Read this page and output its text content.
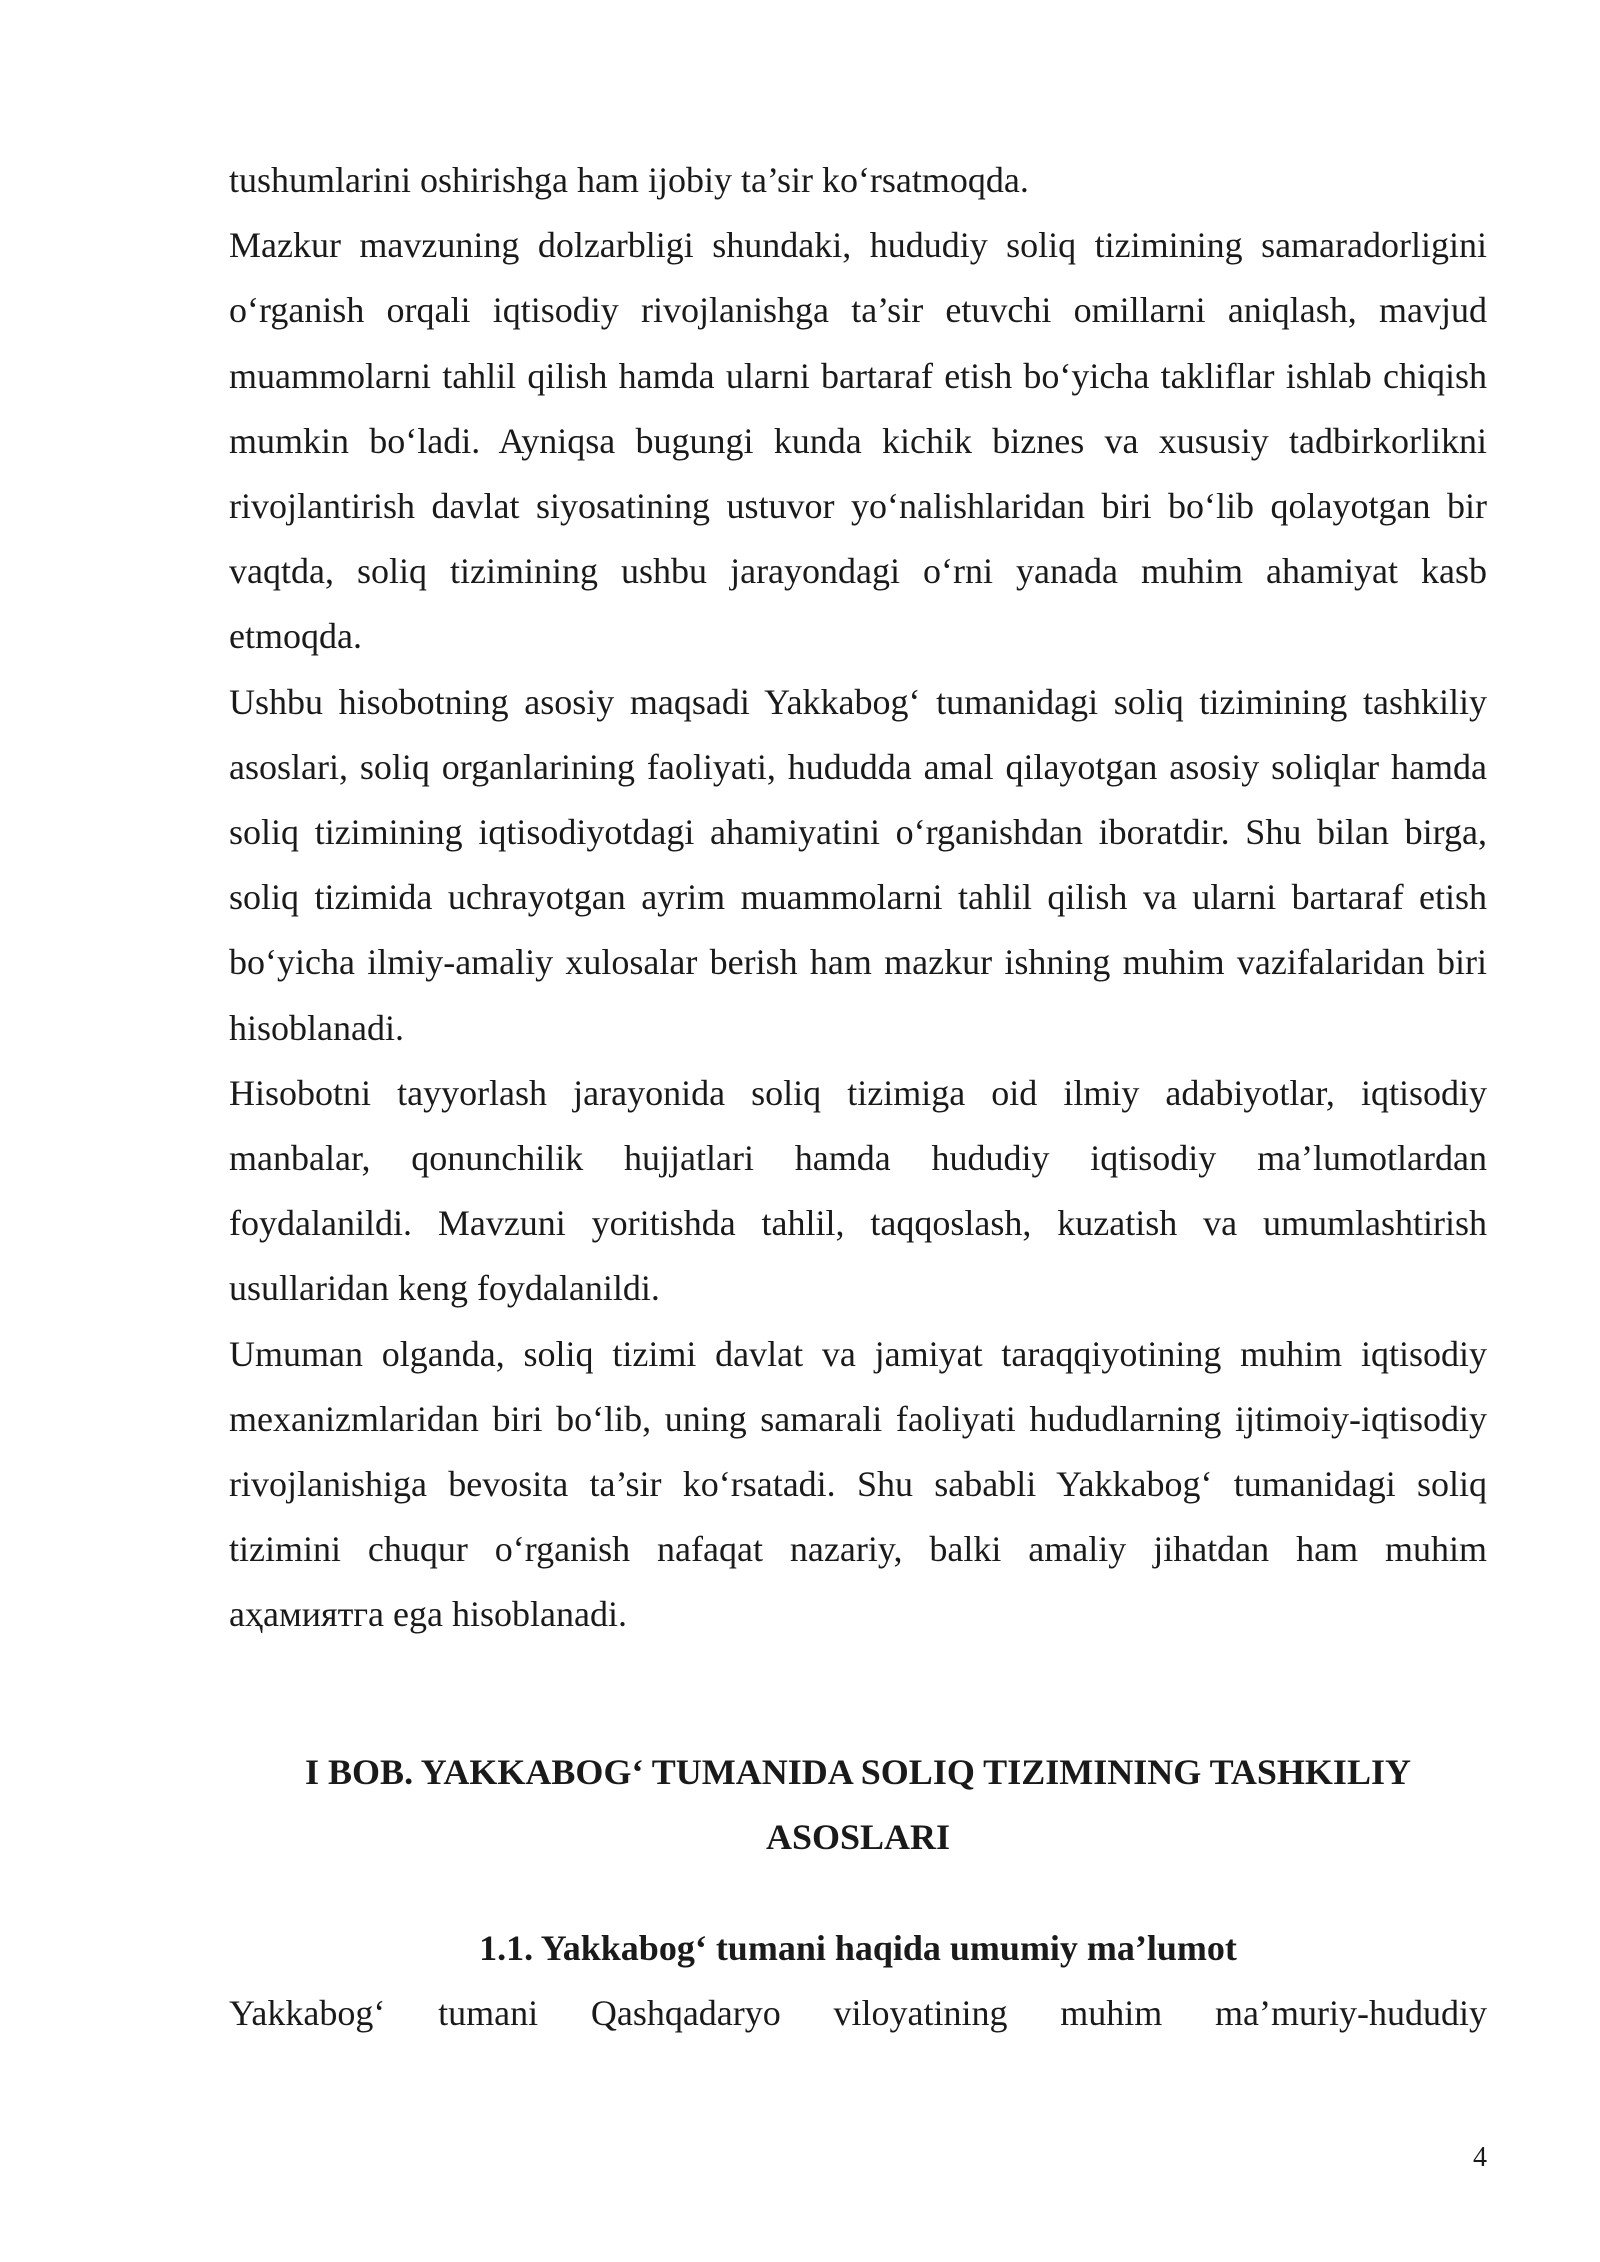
tushumlarini oshirishga ham ijobiy ta’sir ko‘rsatmoqda.

Mazkur mavzuning dolzarbligi shundaki, hududiy soliq tizimining samaradorligini o‘rganish orqali iqtisodiy rivojlanishga ta’sir etuvchi omillarni aniqlash, mavjud muammolarni tahlil qilish hamda ularni bartaraf etish bo‘yicha takliflar ishlab chiqish mumkin bo‘ladi. Ayniqsa bugungi kunda kichik biznes va xususiy tadbirkorlikni rivojlantirish davlat siyosatining ustuvor yo‘nalishlaridan biri bo‘lib qolayotgan bir vaqtda, soliq tizimining ushbu jarayondagi o‘rni yanada muhim ahamiyat kasb etmoqda.

Ushbu hisobotning asosiy maqsadi Yakkabog‘ tumanidagi soliq tizimining tashkiliy asoslari, soliq organlarining faoliyati, hududda amal qilayotgan asosiy soliqlar hamda soliq tizimining iqtisodiyotdagi ahamiyatini o‘rganishdan iboratdir. Shu bilan birga, soliq tizimida uchrayotgan ayrim muammolarni tahlil qilish va ularni bartaraf etish bo‘yicha ilmiy-amaliy xulosalar berish ham mazkur ishning muhim vazifalaridan biri hisoblanadi.

Hisobotni tayyorlash jarayonida soliq tizimiga oid ilmiy adabiyotlar, iqtisodiy manbalar, qonunchilik hujjatlari hamda hududiy iqtisodiy ma’lumotlardan foydalanildi. Mavzuni yoritishda tahlil, taqqoslash, kuzatish va umumlashtirish usullaridan keng foydalanildi.

Umuman olganda, soliq tizimi davlat va jamiyat taraqqiyotining muhim iqtisodiy mexanizmlaridan biri bo‘lib, uning samarali faoliyati hududlarning ijtimoiy-iqtisodiy rivojlanishiga bevosita ta’sir ko‘rsatadi. Shu sababli Yakkabog‘ tumanidagi soliq tizimini chuqur o‘rganish nafaqat nazariy, balki amaliy jihatdan ham muhim аҳамиятга ega hisoblanadi.

I BOB. YAKKABOG‘ TUMANIDA SOLIQ TIZIMINING TASHKILIY ASOSLARI
1.1. Yakkabog‘ tumani haqida umumiy ma’lumot

Yakkabog‘ tumani Qashqadaryo viloyatining muhim ma’muriy-hududiy

4
